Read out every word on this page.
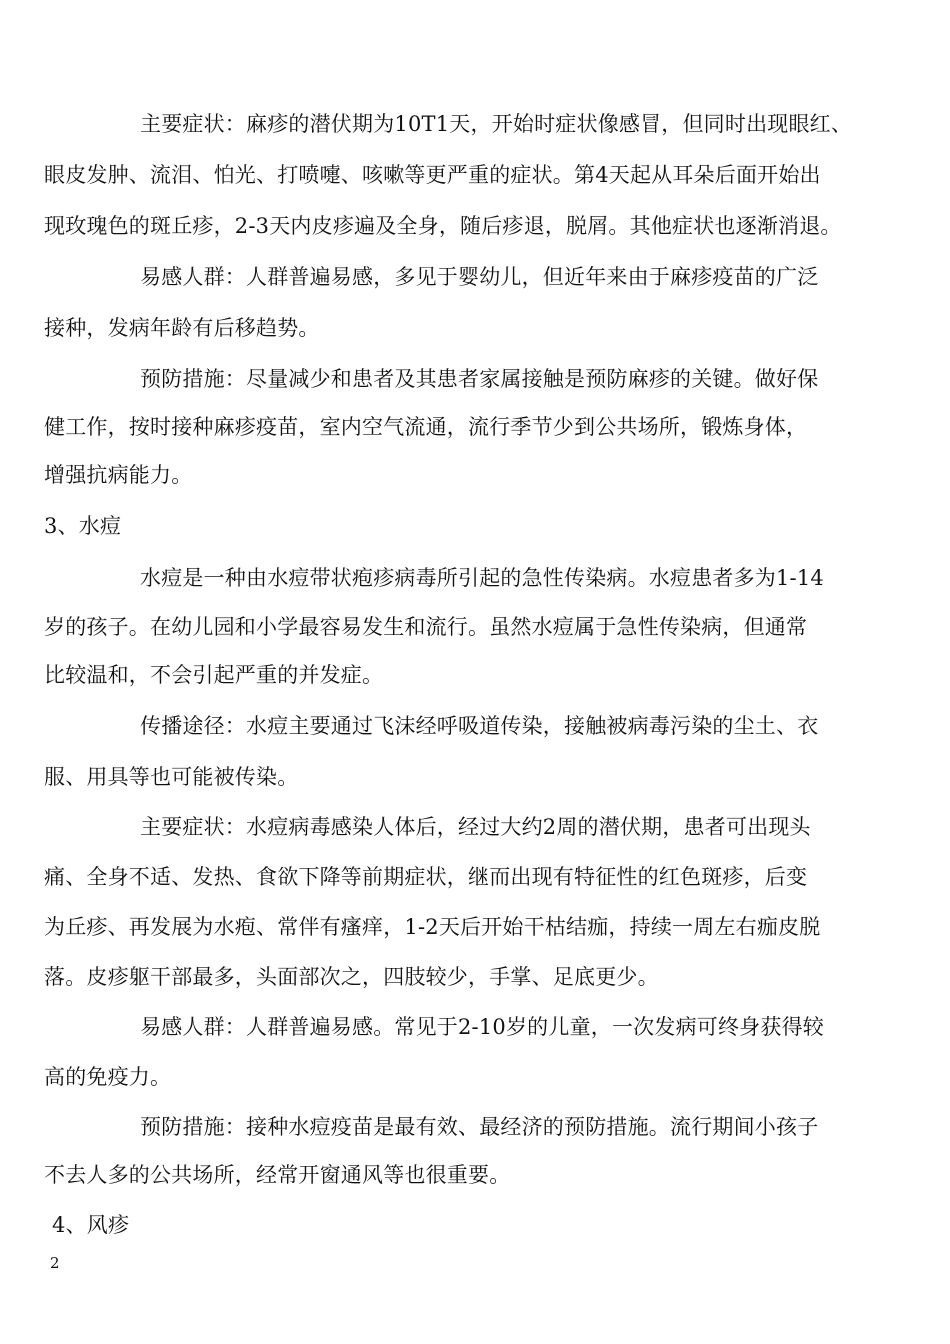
主要症状：麻疹的潜伏期为10T1天，开始时症状像感冒，但同时出现眼红、
眼皮发肿、流泪、怕光、打喷嚏、咳嗽等更严重的症状。第4天起从耳朵后面开始出
现玫瑰色的斑丘疹，2-3天内皮疹遍及全身，随后疹退，脱屑。其他症状也逐渐消退。
易感人群：人群普遍易感，多见于婴幼儿，但近年来由于麻疹疫苗的广泛
接种，发病年龄有后移趋势。
预防措施：尽量减少和患者及其患者家属接触是预防麻疹的关键。做好保
健工作，按时接种麻疹疫苗，室内空气流通，流行季节少到公共场所，锻炼身体，
增强抗病能力。
3、水痘
水痘是一种由水痘带状疱疹病毒所引起的急性传染病。水痘患者多为1-14
岁的孩子。在幼儿园和小学最容易发生和流行。虽然水痘属于急性传染病，但通常
比较温和，不会引起严重的并发症。
传播途径：水痘主要通过飞沫经呼吸道传染，接触被病毒污染的尘土、衣
服、用具等也可能被传染。
主要症状：水痘病毒感染人体后，经过大约2周的潜伏期，患者可出现头
痛、全身不适、发热、食欲下降等前期症状，继而出现有特征性的红色斑疹，后变
为丘疹、再发展为水疱、常伴有瘙痒，1-2天后开始干枯结痂，持续一周左右痂皮脱
落。皮疹躯干部最多，头面部次之，四肢较少，手掌、足底更少。
易感人群：人群普遍易感。常见于2-10岁的儿童，一次发病可终身获得较
高的免疫力。
预防措施：接种水痘疫苗是最有效、最经济的预防措施。流行期间小孩子
不去人多的公共场所，经常开窗通风等也很重要。
4、风疹
2
